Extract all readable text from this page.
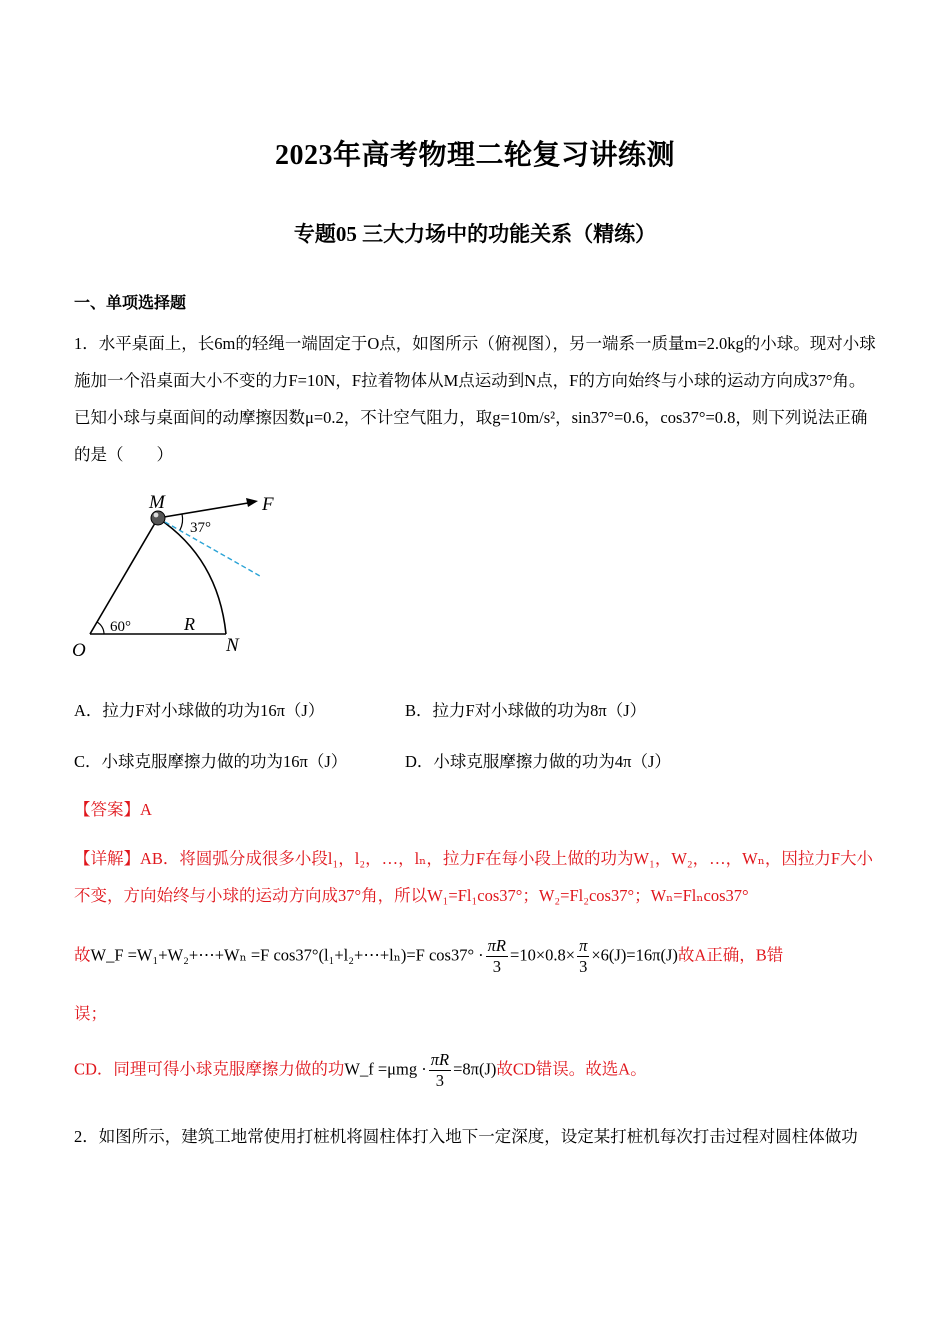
2023年高考物理二轮复习讲练测
专题05 三大力场中的功能关系（精练）
一、单项选择题
1．水平桌面上，长6m的轻绳一端固定于O点，如图所示（俯视图），另一端系一质量m=2.0kg的小球。现对小球施加一个沿桌面大小不变的力F=10N，F拉着物体从M点运动到N点，F的方向始终与小球的运动方向成37°角。已知小球与桌面间的动摩擦因数μ=0.2，不计空气阻力，取g=10m/s²，sin37°=0.6，cos37°=0.8，则下列说法正确的是（　　）
M	F
37°
60°	R
O	N
A．拉力F对小球做的功为16π（J）	B．拉力F对小球做的功为8π（J）
C．小球克服摩擦力做的功为16π（J）	D．小球克服摩擦力做的功为4π（J）
【答案】A
【详解】AB．将圆弧分成很多小段l₁，l₂，…，lₙ，拉力F在每小段上做的功为W₁，W₂，…，Wₙ，因拉力F大小不变，方向始终与小球的运动方向成37°角，所以W₁=Fl₁cos37°；W₂=Fl₂cos37°；Wₙ=Flₙcos37°
故W_F =W₁+W₂+⋯+Wₙ =F cos37°(l₁+l₂+⋯+lₙ)=F $\cos 37^\circ \cdot \frac{\pi R}{3} =10\times 0.8\times \frac{\pi}{3} \times 6(J)=16\pi(J)$故A正确，B错
误；
CD．同理可得小球克服摩擦力做的功W_f $=\mu mg \cdot \frac{\pi R}{3} =8\pi(J)$故CD错误。故选A。
2．如图所示，建筑工地常使用打桩机将圆柱体打入地下一定深度，设定某打桩机每次打击过程对圆柱体做功
